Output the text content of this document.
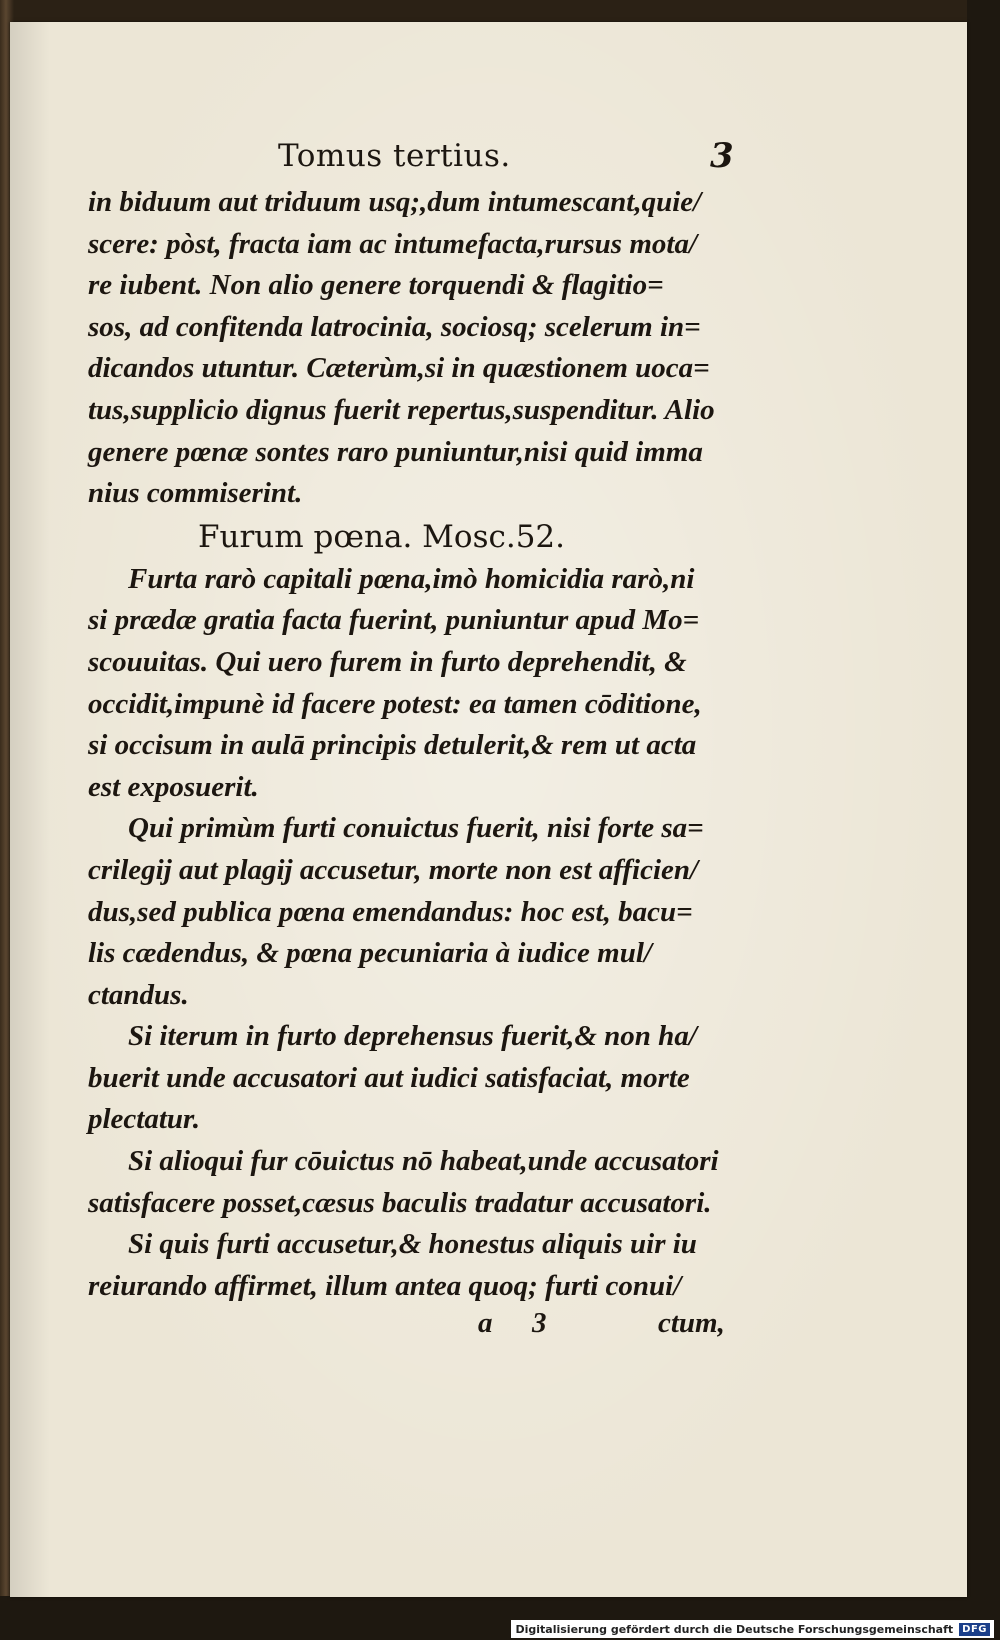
Tomus tertius.	3
in biduum aut triduum usq;,dum intumescant,quie/
scere: pòst, fracta iam ac intumefacta,rursus mota/
re iubent. Non alio genere torquendi & flagitio=
sos, ad confitenda latrocinia, sociosq; scelerum in=
dicandos utuntur. Cæterùm,si in quæstionem uoca=
tus,supplicio dignus fuerit repertus,suspenditur. Alio
genere pœnæ sontes raro puniuntur,nisi quid imma
nius commiserint.
Furum pœna. Mosc.52.
Furta rarò capitali pœna,imò homicidia rarò,ni
si prædæ gratia facta fuerint, puniuntur apud Mo=
scouuitas. Qui uero furem in furto deprehendit, &
occidit,impunè id facere potest: ea tamen cōditione,
si occisum in aulā principis detulerit,& rem ut acta
est exposuerit.
Qui primùm furti conuictus fuerit, nisi forte sa=
crilegij aut plagij accusetur, morte non est afficien/
dus,sed publica pœna emendandus: hoc est, bacu=
lis cædendus, & pœna pecuniaria à iudice mul/
ctandus.
Si iterum in furto deprehensus fuerit,& non ha/
buerit unde accusatori aut iudici satisfaciat, morte
plectatur.
Si alioqui fur cōuictus nō habeat,unde accusatori
satisfacere posset,cæsus baculis tradatur accusatori.
Si quis furti accusetur,& honestus aliquis uir iu
reiurando affirmet, illum antea quoq; furti conui/
a 3	ctum,
Digitalisierung gefördert durch die Deutsche Forschungsgemeinschaft DFG
